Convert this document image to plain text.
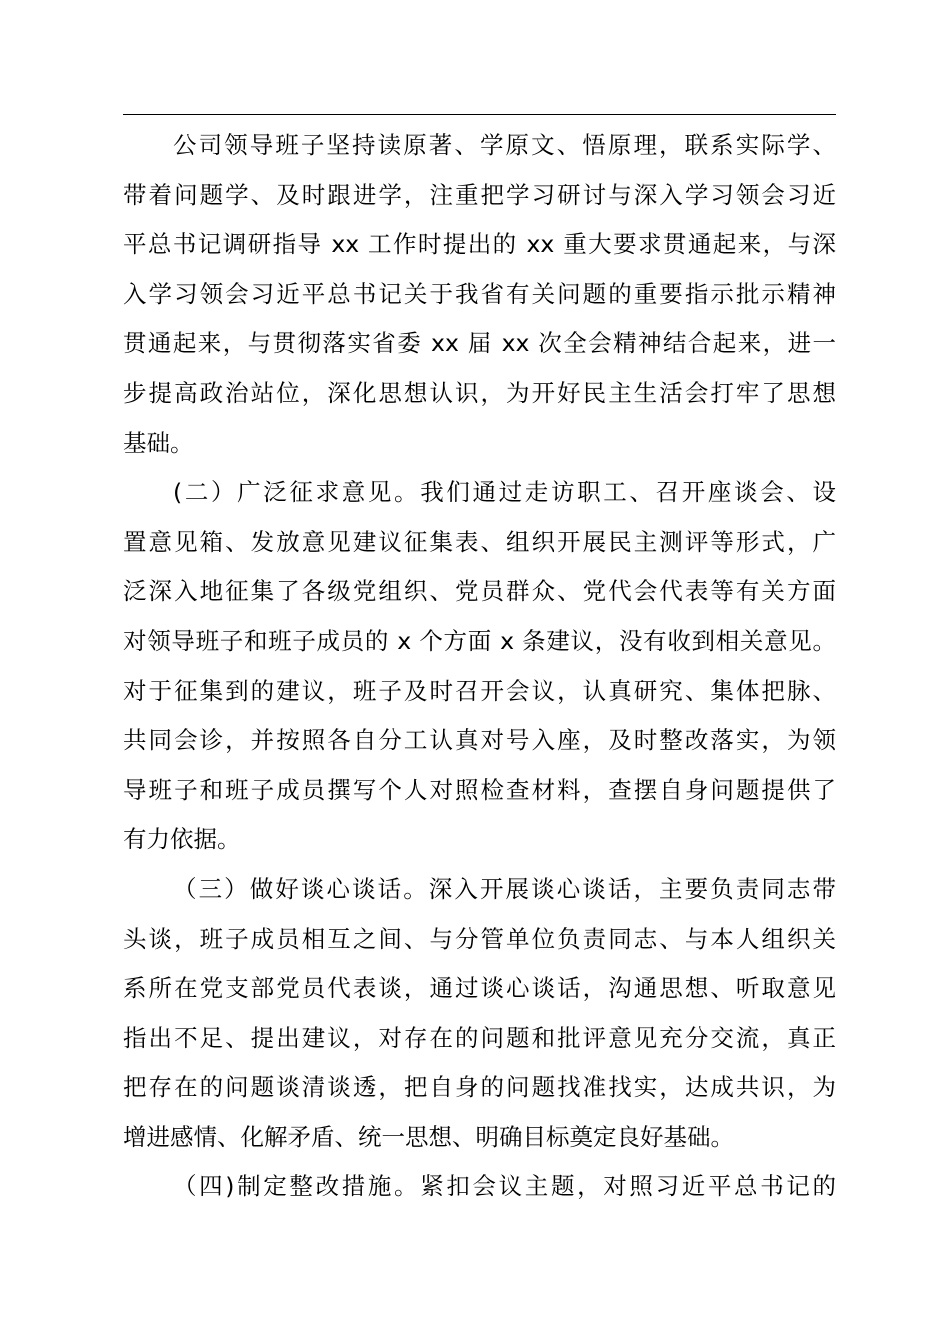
公司领导班子坚持读原著、学原文、悟原理，联系实际学、
带着问题学、及时跟进学，注重把学习研讨与深入学习领会习近
平总书记调研指导 xx 工作时提出的 xx 重大要求贯通起来，与深
入学习领会习近平总书记关于我省有关问题的重要指示批示精神
贯通起来，与贯彻落实省委 xx 届 xx 次全会精神结合起来，进一
步提高政治站位，深化思想认识，为开好民主生活会打牢了思想
基础。
(二）广泛征求意见。我们通过走访职工、召开座谈会、设
置意见箱、发放意见建议征集表、组织开展民主测评等形式，广
泛深入地征集了各级党组织、党员群众、党代会代表等有关方面
对领导班子和班子成员的 x 个方面 x 条建议，没有收到相关意见。
对于征集到的建议，班子及时召开会议，认真研究、集体把脉、
共同会诊，并按照各自分工认真对号入座，及时整改落实，为领
导班子和班子成员撰写个人对照检查材料，查摆自身问题提供了
有力依据。
（三）做好谈心谈话。深入开展谈心谈话，主要负责同志带
头谈，班子成员相互之间、与分管单位负责同志、与本人组织关
系所在党支部党员代表谈，通过谈心谈话，沟通思想、听取意见
指出不足、提出建议，对存在的问题和批评意见充分交流，真正
把存在的问题谈清谈透，把自身的问题找准找实，达成共识，为
增进感情、化解矛盾、统一思想、明确目标奠定良好基础。
（四)制定整改措施。紧扣会议主题，对照习近平总书记的
